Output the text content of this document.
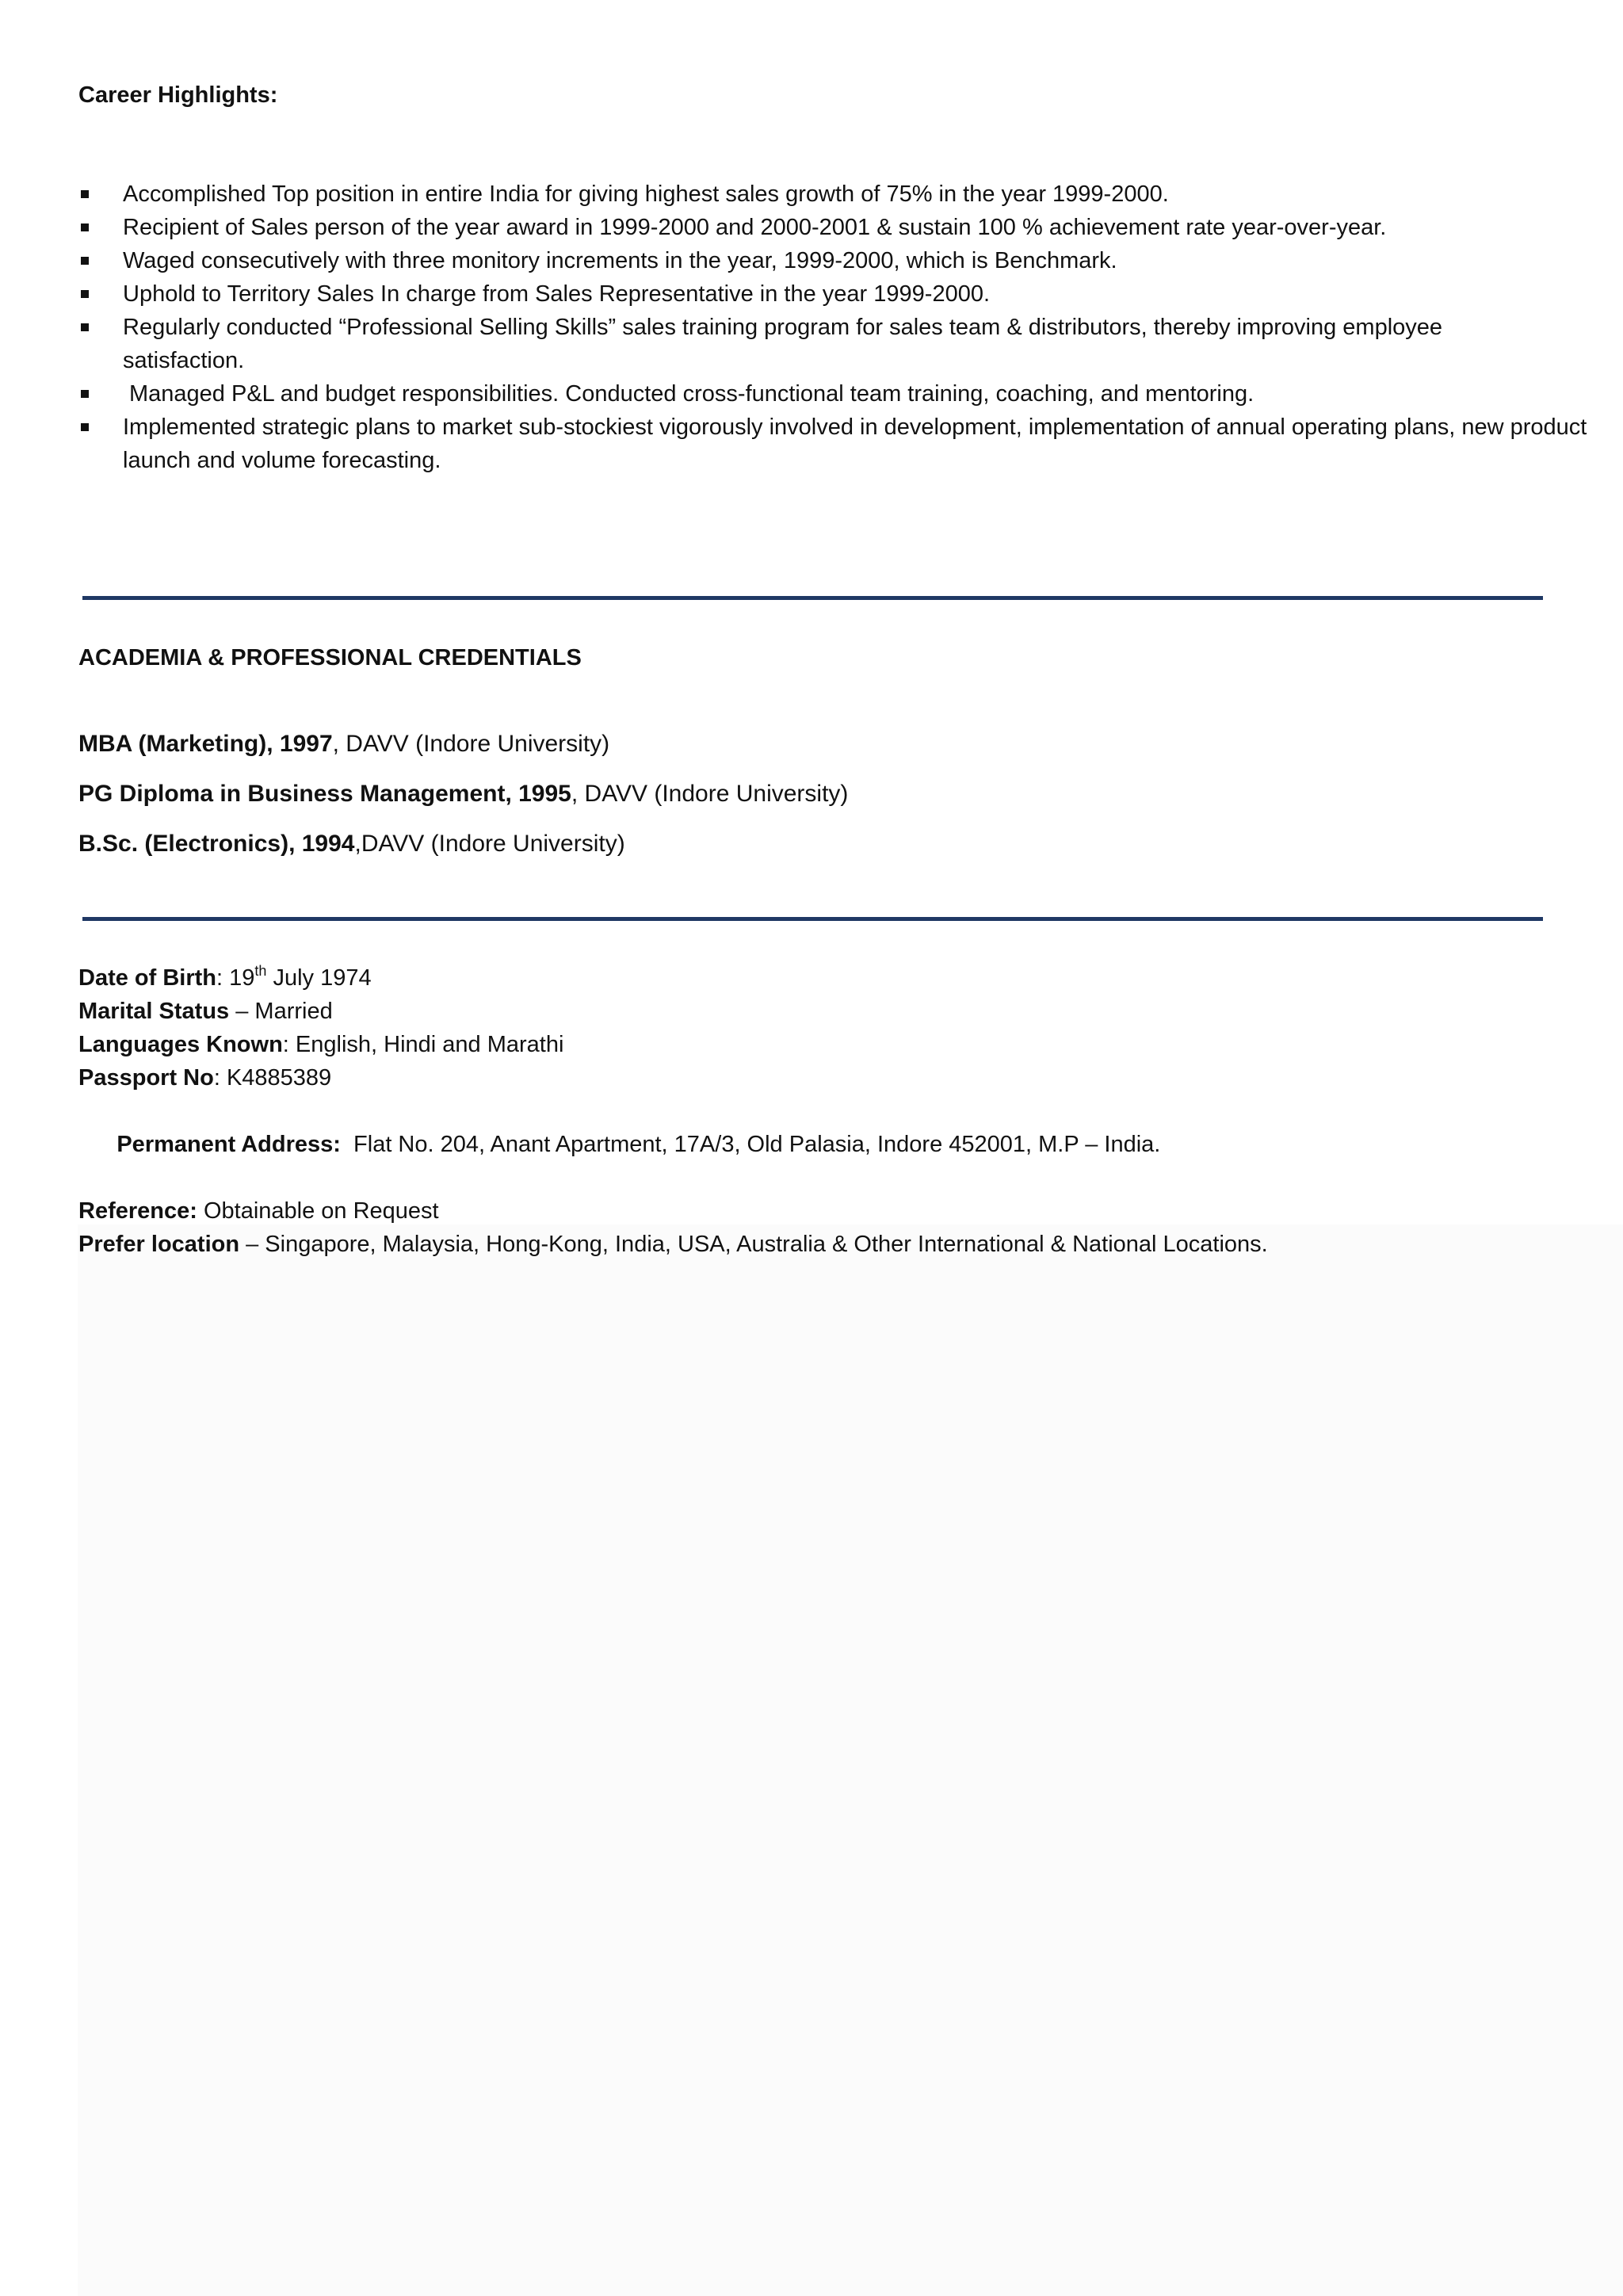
Career Highlights:
Accomplished Top position in entire India for giving highest sales growth of 75% in the year 1999-2000.
Recipient of Sales person of the year award in 1999-2000 and 2000-2001 & sustain 100 % achievement rate year-over-year.
Waged consecutively with three monitory increments in the year, 1999-2000, which is Benchmark.
Uphold to Territory Sales In charge from Sales Representative in the year 1999-2000.
Regularly conducted “Professional Selling Skills” sales training program for sales team & distributors, thereby improving employee satisfaction.
Managed P&L and budget responsibilities. Conducted cross-functional team training, coaching, and mentoring.
Implemented strategic plans to market sub-stockiest vigorously involved in development, implementation of annual operating plans, new product launch and volume forecasting.
ACADEMIA & PROFESSIONAL CREDENTIALS

MBA (Marketing), 1997, DAVV (Indore University)

PG Diploma in Business Management, 1995, DAVV (Indore University)

B.Sc. (Electronics), 1994,DAVV (Indore University)

Date of Birth: 19th July 1974

Marital Status – Married

Languages Known: English, Hindi and Marathi

Passport No: K4885389

Permanent Address:  Flat No. 204, Anant Apartment, 17A/3, Old Palasia, Indore 452001, M.P – India.

Reference: Obtainable on Request

Prefer location – Singapore, Malaysia, Hong-Kong, India, USA, Australia & Other International & National Locations.
